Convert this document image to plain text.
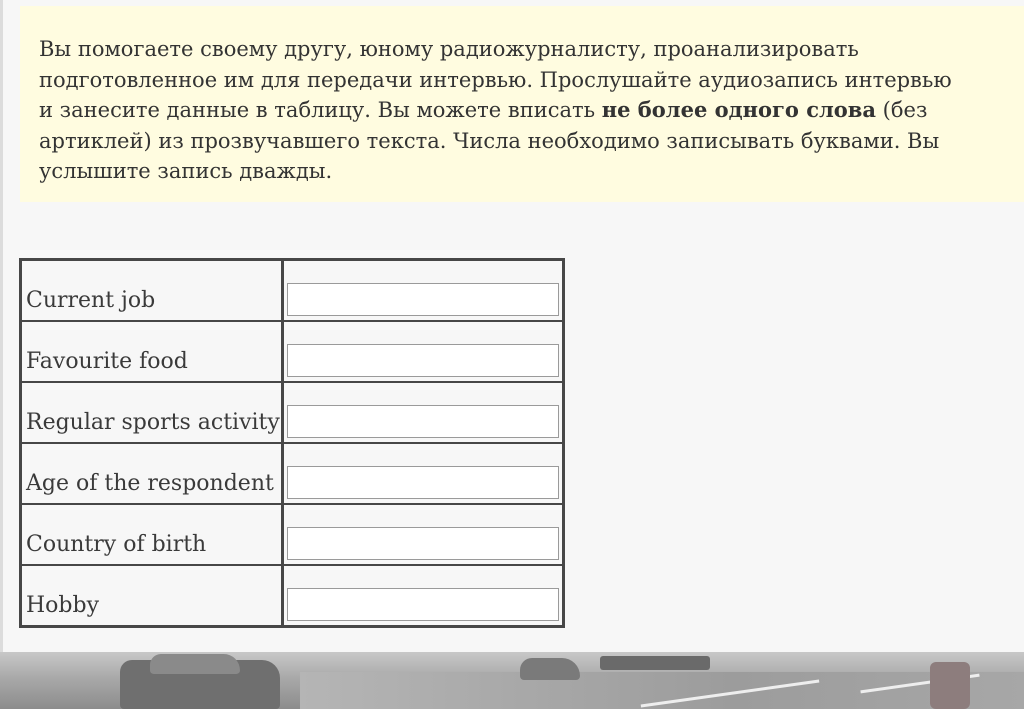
Вы помогаете своему другу, юному радиожурналисту, проанализировать
подготовленное им для передачи интервью. Прослушайте аудиозапись интервью
и занесите данные в таблицу. Вы можете вписать не более одного слова (без
артиклей) из прозвучавшего текста. Числа необходимо записывать буквами. Вы
услышите запись дважды.
Current job	
Favourite food	
Regular sports activity	
Age of the respondent	
Country of birth	
Hobby	
